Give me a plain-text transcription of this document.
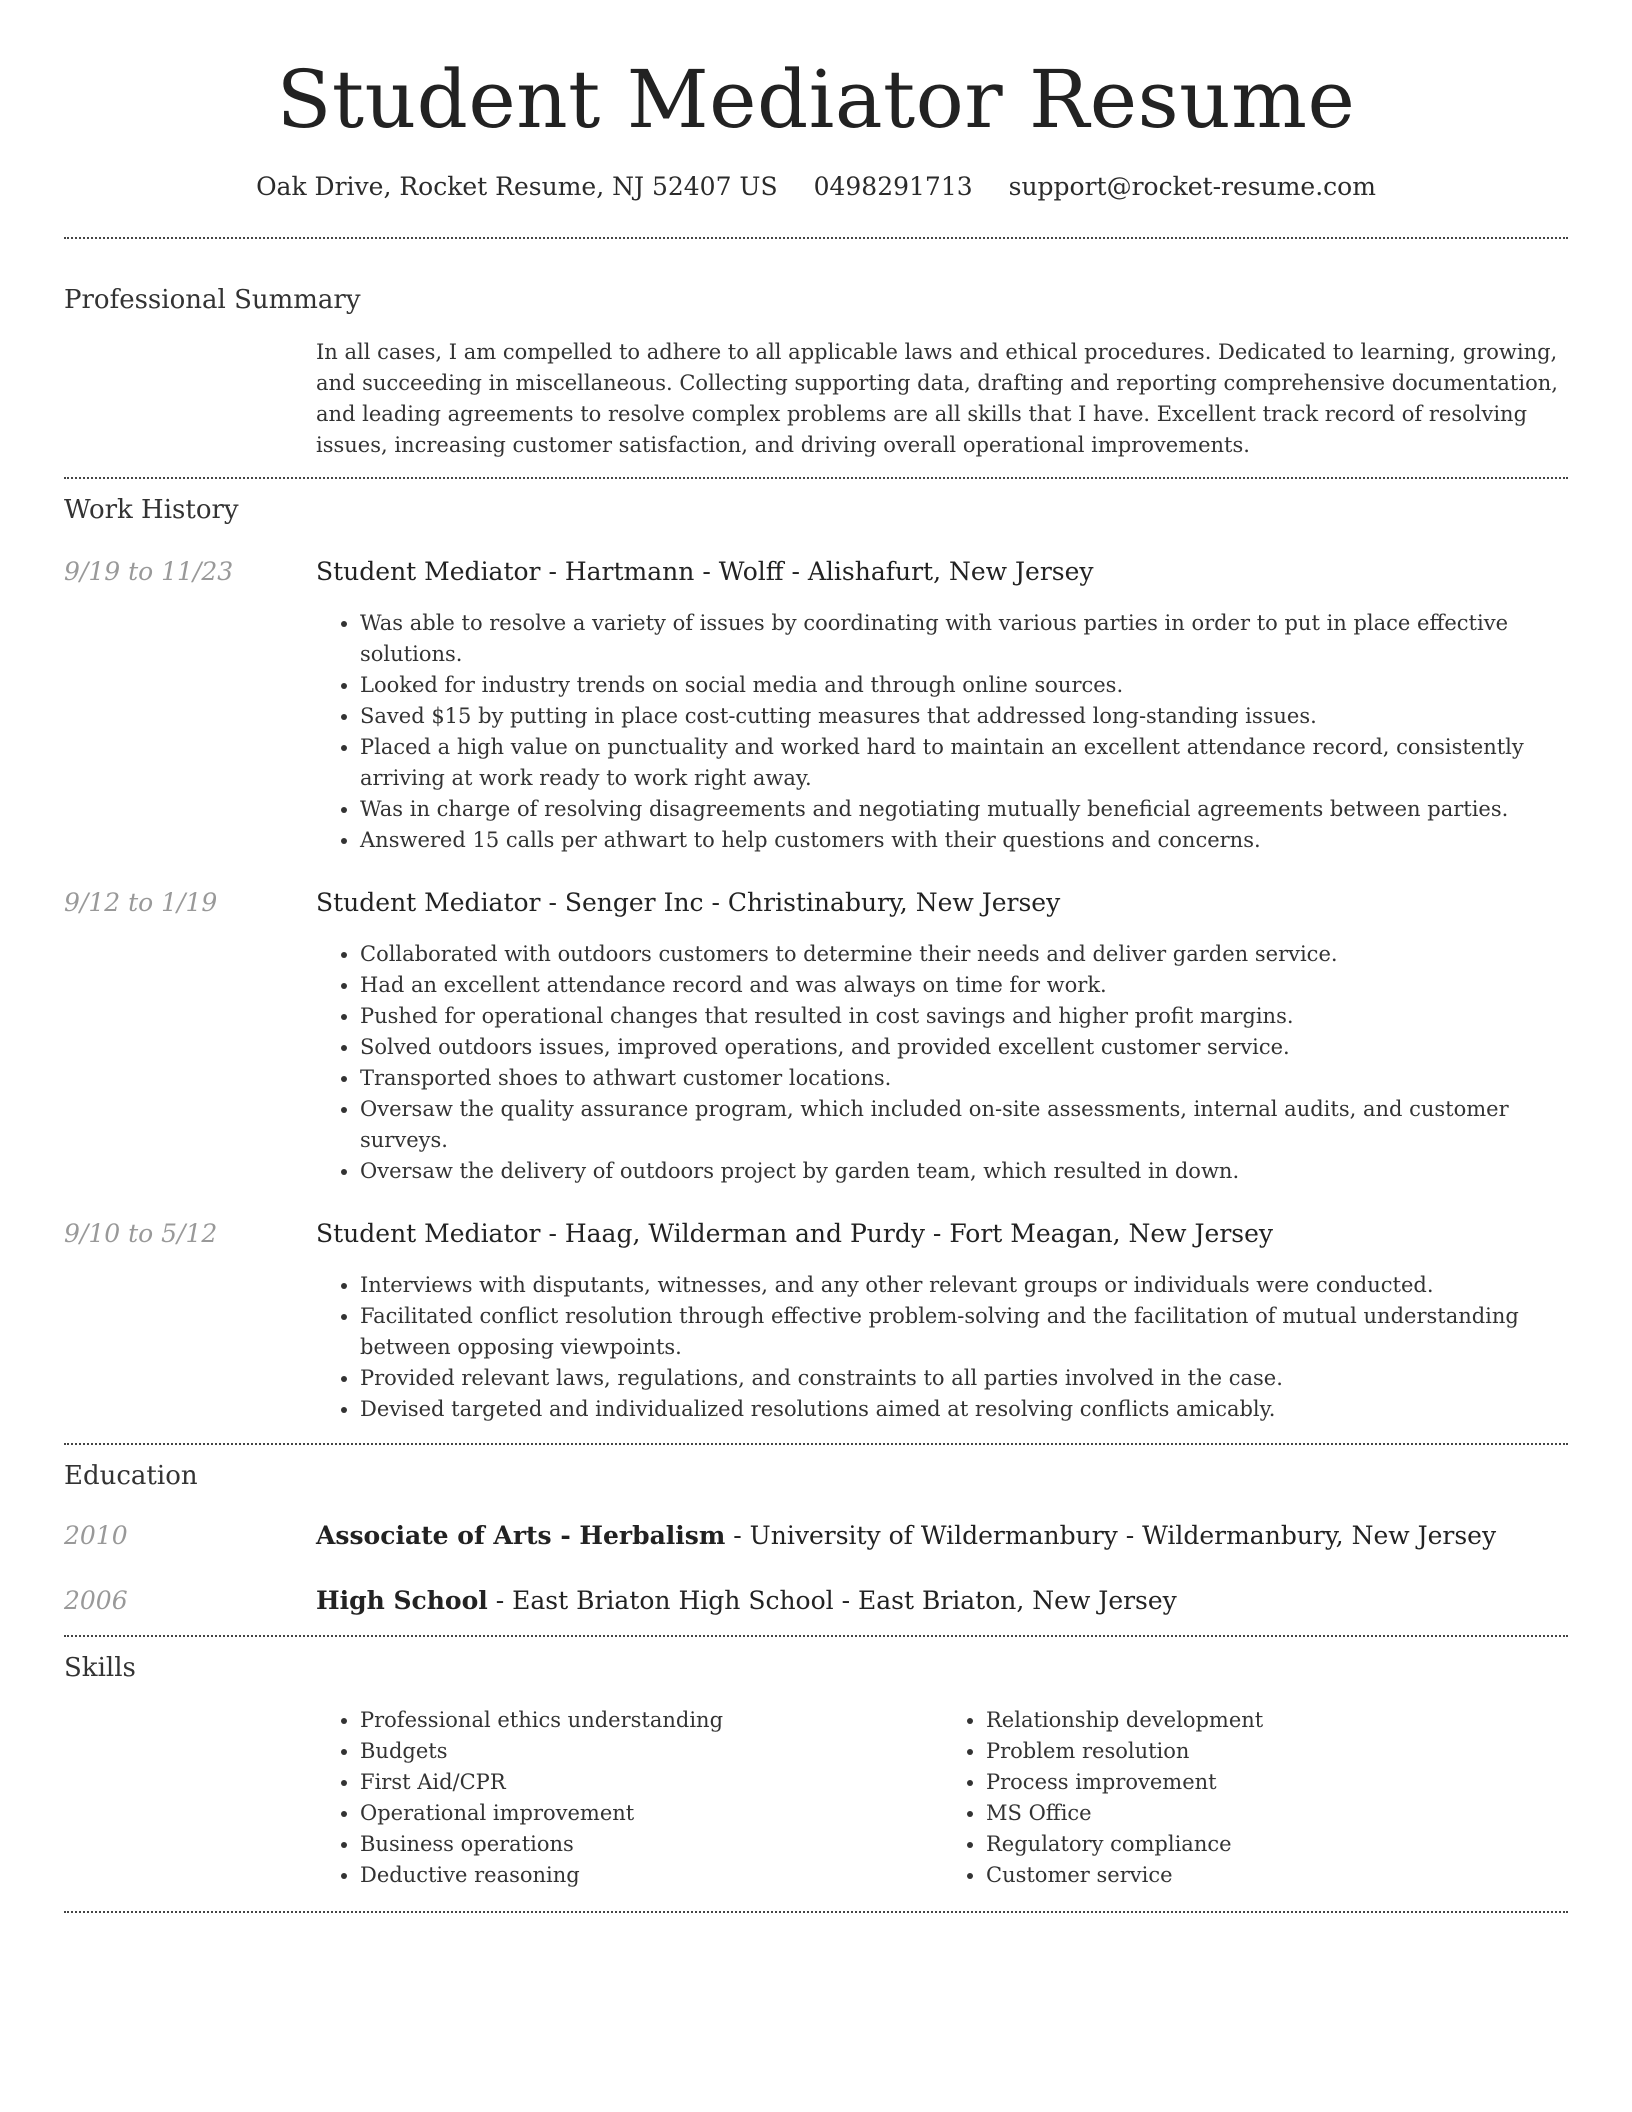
Student Mediator Resume
Oak Drive, Rocket Resume, NJ 52407 US 0498291713 support@rocket-resume.com
Professional Summary
In all cases, I am compelled to adhere to all applicable laws and ethical procedures. Dedicated to learning, growing, and succeeding in miscellaneous. Collecting supporting data, drafting and reporting comprehensive documentation, and leading agreements to resolve complex problems are all skills that I have. Excellent track record of resolving issues, increasing customer satisfaction, and driving overall operational improvements.
Work History
9/19 to 11/23	Student Mediator - Hartmann - Wolff - Alishafurt, New Jersey

• Was able to resolve a variety of issues by coordinating with various parties in order to put in place effective solutions.
• Looked for industry trends on social media and through online sources.
• Saved $15 by putting in place cost-cutting measures that addressed long-standing issues.
• Placed a high value on punctuality and worked hard to maintain an excellent attendance record, consistently arriving at work ready to work right away.
• Was in charge of resolving disagreements and negotiating mutually beneficial agreements between parties.
• Answered 15 calls per athwart to help customers with their questions and concerns.
9/12 to 1/19	Student Mediator - Senger Inc - Christinabury, New Jersey

• Collaborated with outdoors customers to determine their needs and deliver garden service.
• Had an excellent attendance record and was always on time for work.
• Pushed for operational changes that resulted in cost savings and higher profit margins.
• Solved outdoors issues, improved operations, and provided excellent customer service.
• Transported shoes to athwart customer locations.
• Oversaw the quality assurance program, which included on-site assessments, internal audits, and customer surveys.
• Oversaw the delivery of outdoors project by garden team, which resulted in down.
9/10 to 5/12	Student Mediator - Haag, Wilderman and Purdy - Fort Meagan, New Jersey

• Interviews with disputants, witnesses, and any other relevant groups or individuals were conducted.
• Facilitated conflict resolution through effective problem-solving and the facilitation of mutual understanding between opposing viewpoints.
• Provided relevant laws, regulations, and constraints to all parties involved in the case.
• Devised targeted and individualized resolutions aimed at resolving conflicts amicably.
Education
2010	Associate of Arts - Herbalism - University of Wildermanbury - Wildermanbury, New Jersey
2006	High School - East Briaton High School - East Briaton, New Jersey
Skills
• Professional ethics understanding
• Budgets
• First Aid/CPR
• Operational improvement
• Business operations
• Deductive reasoning
• Relationship development
• Problem resolution
• Process improvement
• MS Office
• Regulatory compliance
• Customer service
